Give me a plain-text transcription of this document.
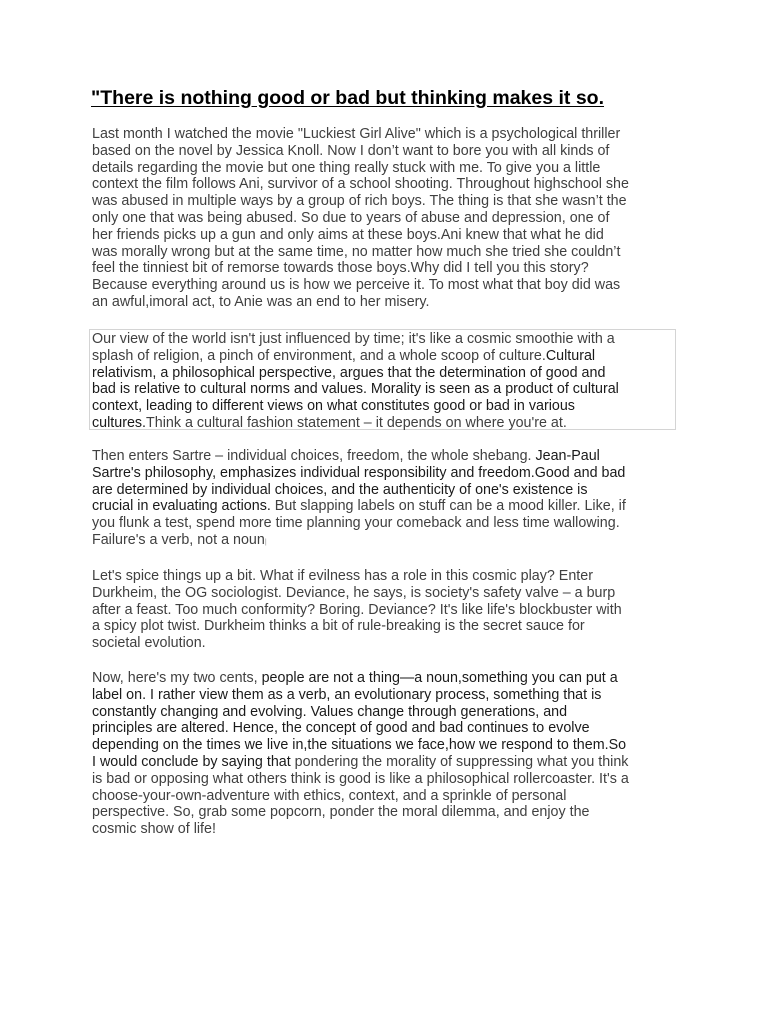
"There is nothing good or bad but thinking makes it so.
Last month I watched the movie "Luckiest Girl Alive" which is a psychological thriller
based on the novel by Jessica Knoll. Now I don’t want to bore you with all kinds of
details regarding the movie but one thing really stuck with me. To give you a little
context the film follows Ani, survivor of a school shooting. Throughout highschool she
was abused in multiple ways by a group of rich boys. The thing is that she wasn’t the
only one that was being abused. So due to years of abuse and depression, one of
her friends picks up a gun and only aims at these boys.Ani knew that what he did
was morally wrong but at the same time, no matter how much she tried she couldn’t
feel the tinniest bit of remorse towards those boys.Why did I tell you this story?
Because everything around us is how we perceive it. To most what that boy did was
an awful,imoral act, to Anie was an end to her misery.
Our view of the world isn't just influenced by time; it's like a cosmic smoothie with a
splash of religion, a pinch of environment, and a whole scoop of culture.Cultural
relativism, a philosophical perspective, argues that the determination of good and
bad is relative to cultural norms and values. Morality is seen as a product of cultural
context, leading to different views on what constitutes good or bad in various
cultures.Think a cultural fashion statement – it depends on where you're at.
Then enters Sartre – individual choices, freedom, the whole shebang. Jean-Paul
Sartre's philosophy, emphasizes individual responsibility and freedom.Good and bad
are determined by individual choices, and the authenticity of one's existence is
crucial in evaluating actions. But slapping labels on stuff can be a mood killer. Like, if
you flunk a test, spend more time planning your comeback and less time wallowing.
Failure's a verb, not a noun|
Let's spice things up a bit. What if evilness has a role in this cosmic play? Enter
Durkheim, the OG sociologist. Deviance, he says, is society's safety valve – a burp
after a feast. Too much conformity? Boring. Deviance? It's like life's blockbuster with
a spicy plot twist. Durkheim thinks a bit of rule-breaking is the secret sauce for
societal evolution.
Now, here's my two cents, people are not a thing—a noun,something you can put a
label on. I rather view them as a verb, an evolutionary process, something that is
constantly changing and evolving. Values change through generations, and
principles are altered. Hence, the concept of good and bad continues to evolve
depending on the times we live in,the situations we face,how we respond to them.So
I would conclude by saying that pondering the morality of suppressing what you think
is bad or opposing what others think is good is like a philosophical rollercoaster. It's a
choose-your-own-adventure with ethics, context, and a sprinkle of personal
perspective. So, grab some popcorn, ponder the moral dilemma, and enjoy the
cosmic show of life!
